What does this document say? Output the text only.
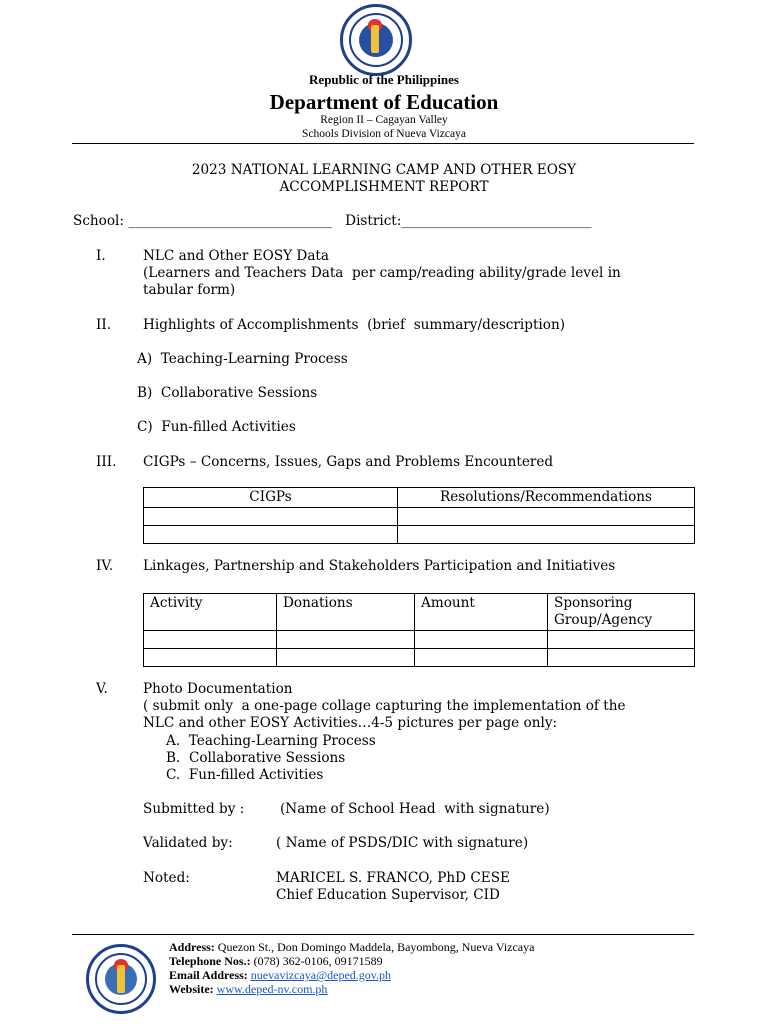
Republic of the Philippines
Department of Education
Region II – Cagayan Valley
Schools Division of Nueva Vizcaya
2023 NATIONAL LEARNING CAMP AND OTHER EOSY
ACCOMPLISHMENT REPORT
School: ______________________________   District:____________________________
I.	NLC and Other EOSY Data
(Learners and Teachers Data  per camp/reading ability/grade level in
tabular form)
II. Highlights of Accomplishments  (brief  summary/description)
A)  Teaching-Learning Process
B)  Collaborative Sessions
C)  Fun-filled Activities
III. CIGPs – Concerns, Issues, Gaps and Problems Encountered
CIGPs	Resolutions/Recommendations

IV. Linkages, Partnership and Stakeholders Participation and Initiatives
Activity	Donations	Amount	Sponsoring
Group/Agency

V.	Photo Documentation
( submit only  a one-page collage capturing the implementation of the
NLC and other EOSY Activities…4-5 pictures per page only:
A.  Teaching-Learning Process
B.  Collaborative Sessions
C.  Fun-filled Activities
Submitted by :	(Name of School Head  with signature)
Validated by:	( Name of PSDS/DIC with signature)
Noted:	MARICEL S. FRANCO, PhD CESE
Chief Education Supervisor, CID
Address: Quezon St., Don Domingo Maddela, Bayombong, Nueva Vizcaya
Telephone Nos.: (078) 362-0106, 09171589
Email Address: nuevavizcaya@deped.gov.ph
Website: www.deped-nv.com.ph
